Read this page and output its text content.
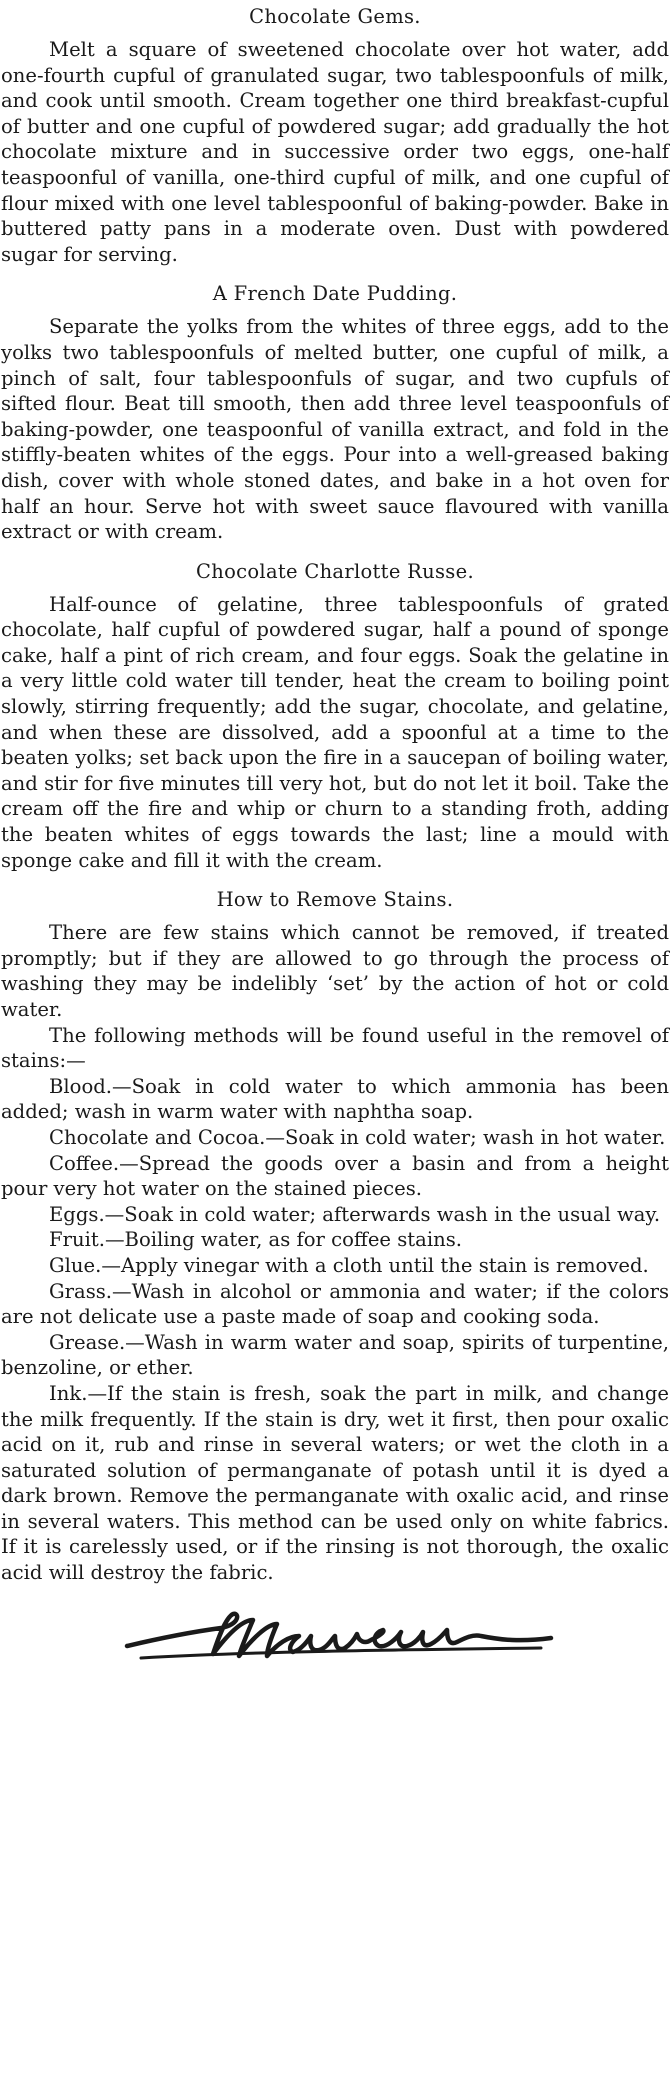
Chocolate Gems.

Melt a square of sweetened chocolate over hot water, add one-fourth cupful of granulated sugar, two tablespoonfuls of milk, and cook until smooth. Cream together one third breakfast-cupful of butter and one cupful of powdered sugar; add gradually the hot chocolate mixture and in successive order two eggs, one-half teaspoonful of vanilla, one-third cupful of milk, and one cupful of flour mixed with one level tablespoonful of baking-powder. Bake in buttered patty pans in a moderate oven. Dust with powdered sugar for serving.

A French Date Pudding.

Separate the yolks from the whites of three eggs, add to the yolks two tablespoonfuls of melted butter, one cupful of milk, a pinch of salt, four tablespoonfuls of sugar, and two cupfuls of sifted flour. Beat till smooth, then add three level teaspoonfuls of baking-powder, one teaspoonful of vanilla extract, and fold in the stiffly-beaten whites of the eggs. Pour into a well-greased baking dish, cover with whole stoned dates, and bake in a hot oven for half an hour. Serve hot with sweet sauce flavoured with vanilla extract or with cream.

Chocolate Charlotte Russe.

Half-ounce of gelatine, three tablespoonfuls of grated chocolate, half cupful of powdered sugar, half a pound of sponge cake, half a pint of rich cream, and four eggs. Soak the gelatine in a very little cold water till tender, heat the cream to boiling point slowly, stirring frequently; add the sugar, chocolate, and gelatine, and when these are dissolved, add a spoonful at a time to the beaten yolks; set back upon the fire in a saucepan of boiling water, and stir for five minutes till very hot, but do not let it boil. Take the cream off the fire and whip or churn to a standing froth, adding the beaten whites of eggs towards the last; line a mould with sponge cake and fill it with the cream.

How to Remove Stains.

There are few stains which cannot be removed, if treated promptly; but if they are allowed to go through the process of washing they may be indelibly ‘set’ by the action of hot or cold water.

The following methods will be found useful in the removel of stains:—

Blood.—Soak in cold water to which ammonia has been added; wash in warm water with naphtha soap.

Chocolate and Cocoa.—Soak in cold water; wash in hot water.

Coffee.—Spread the goods over a basin and from a height pour very hot water on the stained pieces.

Eggs.—Soak in cold water; afterwards wash in the usual way.

Fruit.—Boiling water, as for coffee stains.

Glue.—Apply vinegar with a cloth until the stain is removed.

Grass.—Wash in alcohol or ammonia and water; if the colors are not delicate use a paste made of soap and cooking soda.

Grease.—Wash in warm water and soap, spirits of turpentine, benzoline, or ether.

Ink.—If the stain is fresh, soak the part in milk, and change the milk frequently. If the stain is dry, wet it first, then pour oxalic acid on it, rub and rinse in several waters; or wet the cloth in a saturated solution of permanganate of potash until it is dyed a dark brown. Remove the permanganate with oxalic acid, and rinse in several waters. This method can be used only on white fabrics. If it is carelessly used, or if the rinsing is not thorough, the oxalic acid will destroy the fabric.
